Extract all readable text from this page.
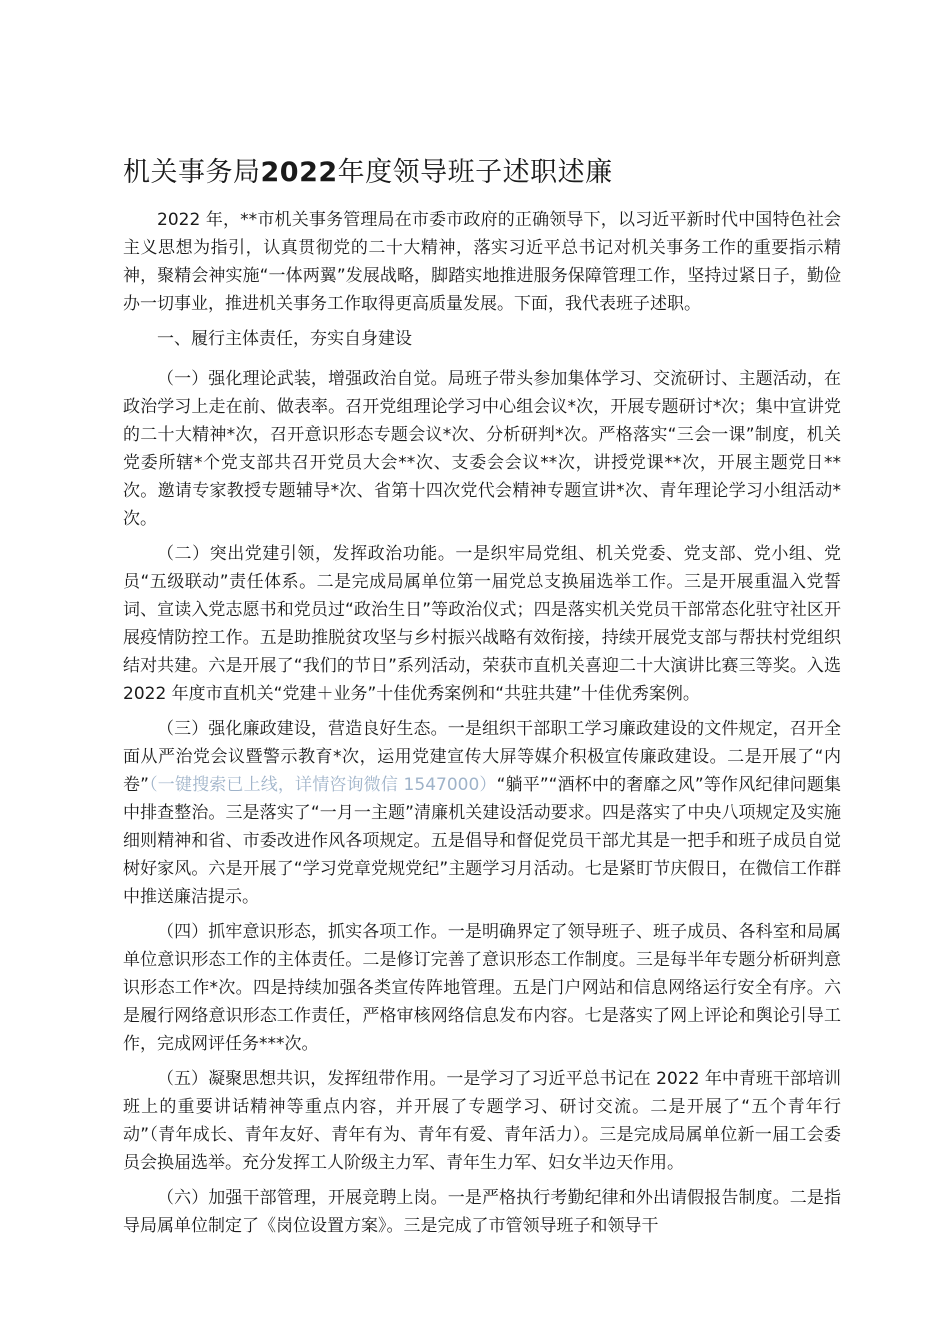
机关事务局2022年度领导班子述职述廉

2022 年，**市机关事务管理局在市委市政府的正确领导下，以习近平新时代中国特色社会主义思想为指引，认真贯彻党的二十大精神，落实习近平总书记对机关事务工作的重要指示精神，聚精会神实施“一体两翼”发展战略，脚踏实地推进服务保障管理工作，坚持过紧日子，勤俭办一切事业，推进机关事务工作取得更高质量发展。下面，我代表班子述职。

一、履行主体责任，夯实自身建设

（一）强化理论武装，增强政治自觉。局班子带头参加集体学习、交流研讨、主题活动，在政治学习上走在前、做表率。召开党组理论学习中心组会议*次，开展专题研讨*次；集中宣讲党的二十大精神*次，召开意识形态专题会议*次、分析研判*次。严格落实“三会一课”制度，机关党委所辖*个党支部共召开党员大会**次、支委会会议**次，讲授党课**次，开展主题党日**次。邀请专家教授专题辅导*次、省第十四次党代会精神专题宣讲*次、青年理论学习小组活动*次。

（二）突出党建引领，发挥政治功能。一是织牢局党组、机关党委、党支部、党小组、党员“五级联动”责任体系。二是完成局属单位第一届党总支换届选举工作。三是开展重温入党誓词、宣读入党志愿书和党员过“政治生日”等政治仪式；四是落实机关党员干部常态化驻守社区开展疫情防控工作。五是助推脱贫攻坚与乡村振兴战略有效衔接，持续开展党支部与帮扶村党组织结对共建。六是开展了“我们的节日”系列活动，荣获市直机关喜迎二十大演讲比赛三等奖。入选 2022 年度市直机关“党建＋业务”十佳优秀案例和“共驻共建”十佳优秀案例。

（三）强化廉政建设，营造良好生态。一是组织干部职工学习廉政建设的文件规定，召开全面从严治党会议暨警示教育*次，运用党建宣传大屏等媒介积极宣传廉政建设。二是开展了“内卷”（一键搜索已上线，详情咨询微信 1547000）“躺平”“酒杯中的奢靡之风”等作风纪律问题集中排查整治。三是落实了“一月一主题”清廉机关建设活动要求。四是落实了中央八项规定及实施细则精神和省、市委改进作风各项规定。五是倡导和督促党员干部尤其是一把手和班子成员自觉树好家风。六是开展了“学习党章党规党纪”主题学习月活动。七是紧盯节庆假日，在微信工作群中推送廉洁提示。

（四）抓牢意识形态，抓实各项工作。一是明确界定了领导班子、班子成员、各科室和局属单位意识形态工作的主体责任。二是修订完善了意识形态工作制度。三是每半年专题分析研判意识形态工作*次。四是持续加强各类宣传阵地管理。五是门户网站和信息网络运行安全有序。六是履行网络意识形态工作责任，严格审核网络信息发布内容。七是落实了网上评论和舆论引导工作，完成网评任务***次。

（五）凝聚思想共识，发挥纽带作用。一是学习了习近平总书记在 2022 年中青班干部培训班上的重要讲话精神等重点内容，并开展了专题学习、研讨交流。二是开展了“五个青年行动”（青年成长、青年友好、青年有为、青年有爱、青年活力）。三是完成局属单位新一届工会委员会换届选举。充分发挥工人阶级主力军、青年生力军、妇女半边天作用。

（六）加强干部管理，开展竞聘上岗。一是严格执行考勤纪律和外出请假报告制度。二是指导局属单位制定了《岗位设置方案》。三是完成了市管领导班子和领导干
